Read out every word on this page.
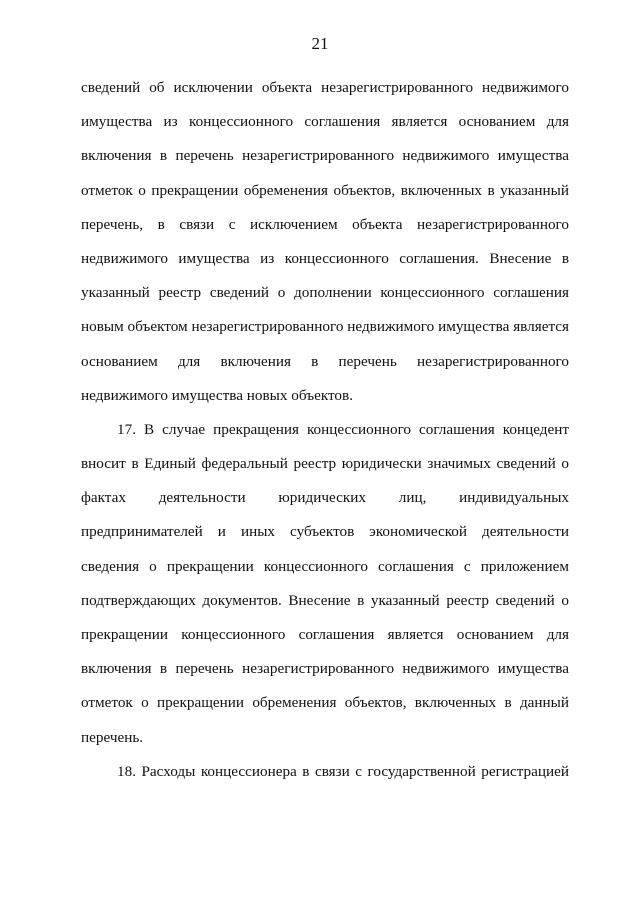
21
сведений об исключении объекта незарегистрированного недвижимого
имущества из концессионного соглашения является основанием для
включения в перечень незарегистрированного недвижимого имущества
отметок о прекращении обременения объектов, включенных в указанный
перечень, в связи с исключением объекта незарегистрированного
недвижимого имущества из концессионного соглашения. Внесение в
указанный реестр сведений о дополнении концессионного соглашения
новым объектом незарегистрированного недвижимого имущества является
основанием для включения в перечень незарегистрированного
недвижимого имущества новых объектов.
17. В случае прекращения концессионного соглашения концедент
вносит в Единый федеральный реестр юридически значимых сведений о
фактах деятельности юридических лиц, индивидуальных
предпринимателей и иных субъектов экономической деятельности
сведения о прекращении концессионного соглашения с приложением
подтверждающих документов. Внесение в указанный реестр сведений о
прекращении концессионного соглашения является основанием для
включения в перечень незарегистрированного недвижимого имущества
отметок о прекращении обременения объектов, включенных в данный
перечень.
18. Расходы концессионера в связи с государственной регистрацией
